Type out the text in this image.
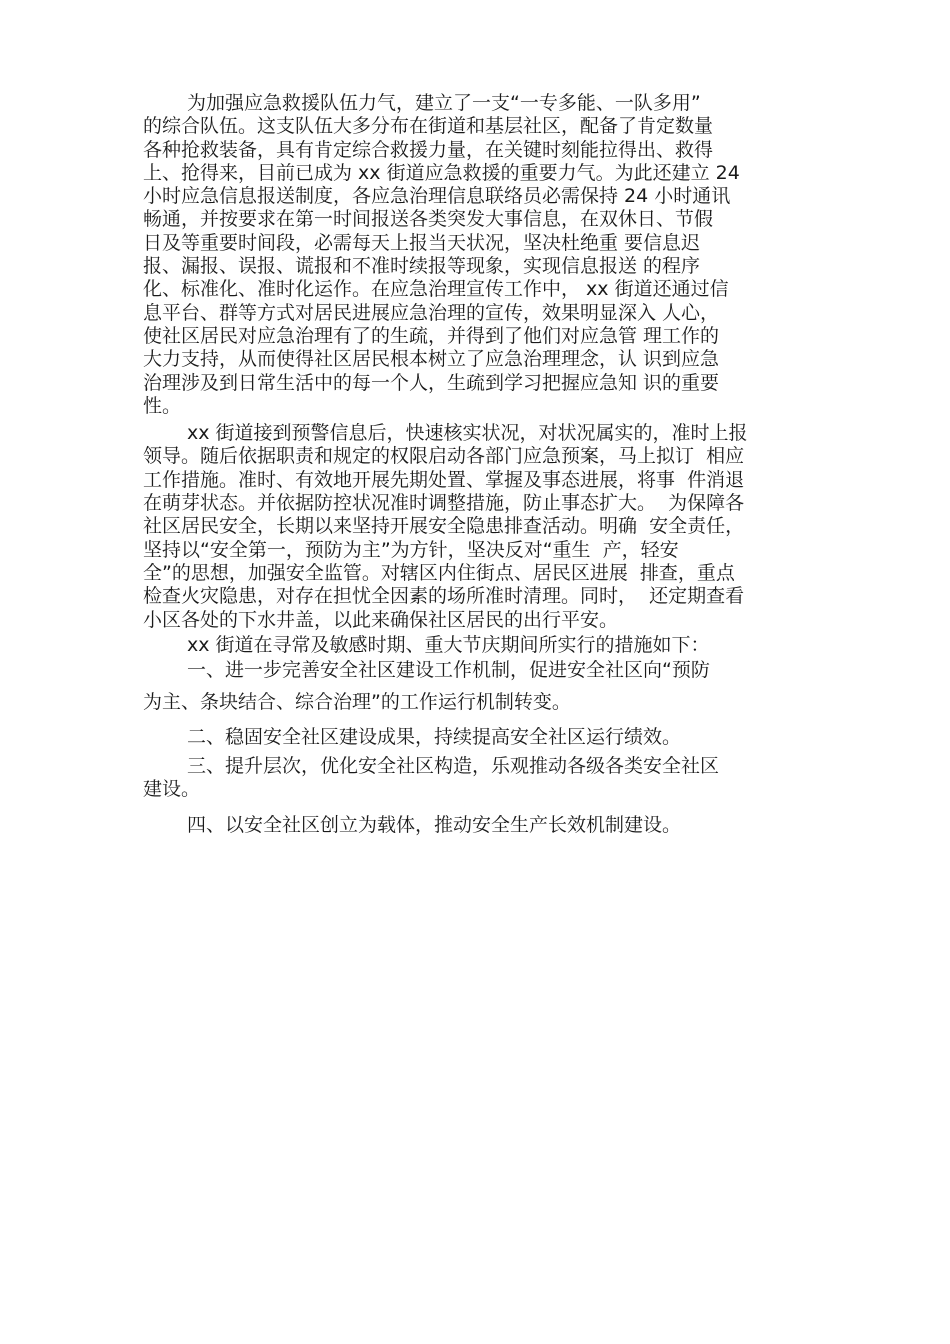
为加强应急救援队伍力气，建立了一支“一专多能、一队多用”
的综合队伍。这支队伍大多分布在街道和基层社区，配备了肯定数量
各种抢救装备，具有肯定综合救援力量，在关键时刻能拉得出、救得
上、抢得来，目前已成为 xx 街道应急救援的重要力气。为此还建立 24
小时应急信息报送制度，各应急治理信息联络员必需保持 24 小时通讯
畅通，并按要求在第一时间报送各类突发大事信息，在双休日、节假
日及等重要时间段，必需每天上报当天状况，坚决杜绝重 要信息迟
报、漏报、误报、谎报和不准时续报等现象，实现信息报送 的程序
化、标准化、准时化运作。在应急治理宣传工作中， xx 街道还通过信
息平台、群等方式对居民进展应急治理的宣传，效果明显深入 人心，
使社区居民对应急治理有了的生疏，并得到了他们对应急管 理工作的
大力支持，从而使得社区居民根本树立了应急治理理念，认 识到应急
治理涉及到日常生活中的每一个人，生疏到学习把握应急知 识的重要
性。
xx 街道接到预警信息后，快速核实状况，对状况属实的，准时上报
领导。随后依据职责和规定的权限启动各部门应急预案，马上拟订  相应
工作措施。准时、有效地开展先期处置、掌握及事态进展，将事  件消退
在萌芽状态。并依据防控状况准时调整措施，防止事态扩大。  为保障各
社区居民安全，长期以来坚持开展安全隐患排查活动。明确  安全责任，
坚持以“安全第一，预防为主”为方针，坚决反对“重生  产，轻安
全”的思想，加强安全监管。对辖区内住街点、居民区进展  排查，重点
检查火灾隐患，对存在担忧全因素的场所准时清理。同时，  还定期查看
小区各处的下水井盖，以此来确保社区居民的出行平安。
xx 街道在寻常及敏感时期、重大节庆期间所实行的措施如下：
一、进一步完善安全社区建设工作机制，促进安全社区向“预防
为主、条块结合、综合治理”的工作运行机制转变。
二、稳固安全社区建设成果，持续提高安全社区运行绩效。
三、提升层次，优化安全社区构造，乐观推动各级各类安全社区
建设。
四、以安全社区创立为载体，推动安全生产长效机制建设。
